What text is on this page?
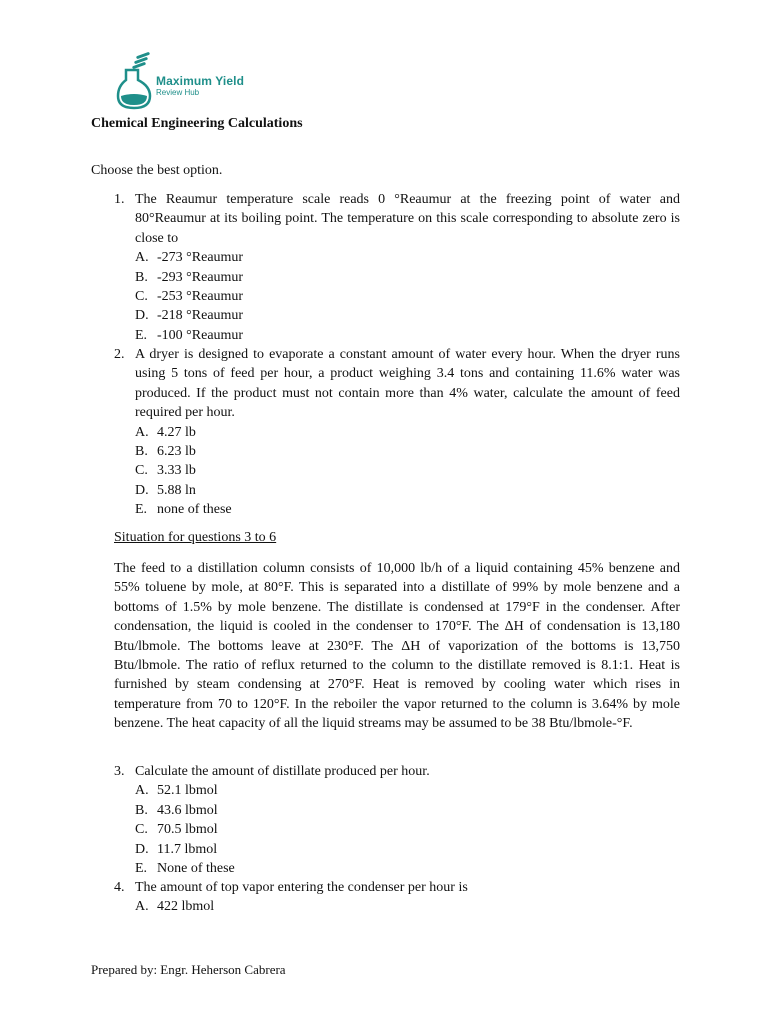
Maximum Yield
Review Hub
Chemical Engineering Calculations
Choose the best option.
1. The Reaumur temperature scale reads 0 °Reaumur at the freezing point of water and 80°Reaumur at its boiling point. The temperature on this scale corresponding to absolute zero is close to
A. -273 °Reaumur
B. -293 °Reaumur
C. -253 °Reaumur
D. -218 °Reaumur
E. -100 °Reaumur
2. A dryer is designed to evaporate a constant amount of water every hour. When the dryer runs using 5 tons of feed per hour, a product weighing 3.4 tons and containing 11.6% water was produced. If the product must not contain more than 4% water, calculate the amount of feed required per hour.
A. 4.27 lb
B. 6.23 lb
C. 3.33 lb
D. 5.88 ln
E. none of these
Situation for questions 3 to 6
The feed to a distillation column consists of 10,000 lb/h of a liquid containing 45% benzene and 55% toluene by mole, at 80°F. This is separated into a distillate of 99% by mole benzene and a bottoms of 1.5% by mole benzene. The distillate is condensed at 179°F in the condenser. After condensation, the liquid is cooled in the condenser to 170°F. The ΔH of condensation is 13,180 Btu/lbmole. The bottoms leave at 230°F. The ΔH of vaporization of the bottoms is 13,750 Btu/lbmole. The ratio of reflux returned to the column to the distillate removed is 8.1:1. Heat is furnished by steam condensing at 270°F. Heat is removed by cooling water which rises in temperature from 70 to 120°F. In the reboiler the vapor returned to the column is 3.64% by mole benzene. The heat capacity of all the liquid streams may be assumed to be 38 Btu/lbmole-°F.
3. Calculate the amount of distillate produced per hour.
A. 52.1 lbmol
B. 43.6 lbmol
C. 70.5 lbmol
D. 11.7 lbmol
E. None of these
4. The amount of top vapor entering the condenser per hour is
A. 422 lbmol
Prepared by: Engr. Heherson Cabrera
